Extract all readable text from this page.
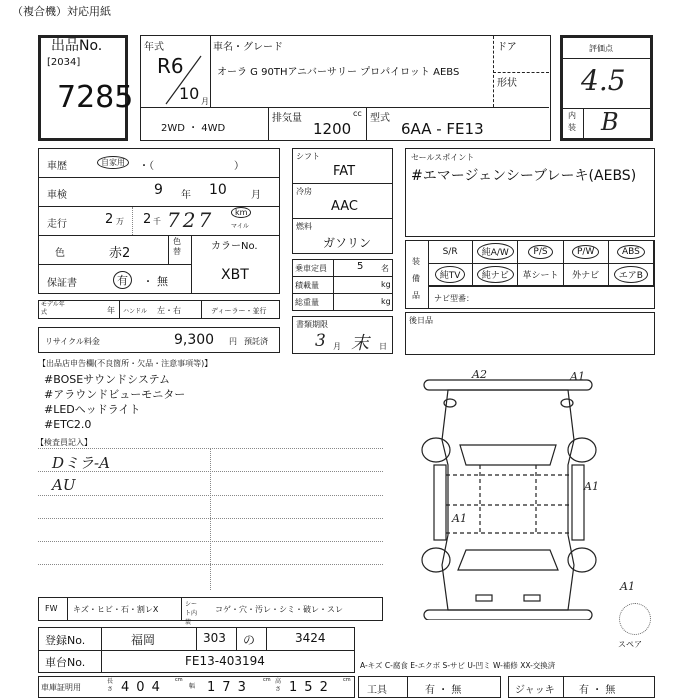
（複合機）対応用紙
出品No.
[2034]
7285
年式
R6
10 月
車名・グレード
オーラ G 90THアニバーサリー プロパイロット AEBS
ドア
形状
2WD ・ 4WD
排気量	cc
1200
型式
6AA - FE13
評価点
4.5
内装 B
車歴	自家用	・（　　　　　　　　）
車検	9 年 10 月
走行	2 万 2 千 727	km
マイル
色	赤2
色替	カラーNo.
XBT
保証書	有	・ 無
モデル年式	年 ハンドル 左・右	ディーラー・並行
リサイクル料金	9,300 円 預託済
シフト
FAT
冷房
AAC
燃料
ガソリン
乗車定員	5 名
積載量	kg
総重量	kg
書類期限
3 月 末 日
セールスポイント
#エマージェンシーブレーキ(AEBS)
装備品
S/R	純A/W	P/S	P/W	ABS
純TV	純ナビ	革シート 外ナビ	エアB
ナビ型番：
後日品
【出品店申告欄(不良箇所・欠品・注意事項等)】
#BOSEサウンドシステム
#アラウンドビューモニター
#LEDヘッドライト
#ETC2.0
【検査員記入】
Dミラ-A
AU
FW キズ・ヒビ・石・割レX
シート内装
コゲ・穴・汚レ・シミ・破レ・スレ
登録No.	福岡	303 の	3424
車台No.	FE13-403194
車庫証明用
長さ 404 cm
幅 173 cm 高さ 152 cm
A2	A1
A1
A1
A1
スペア
A-キズ C-腐食 E-エクボ S-サビ U-凹ミ W-補修 XX-交換済
工具	有 ・ 無	ジャッキ 有 ・ 無
